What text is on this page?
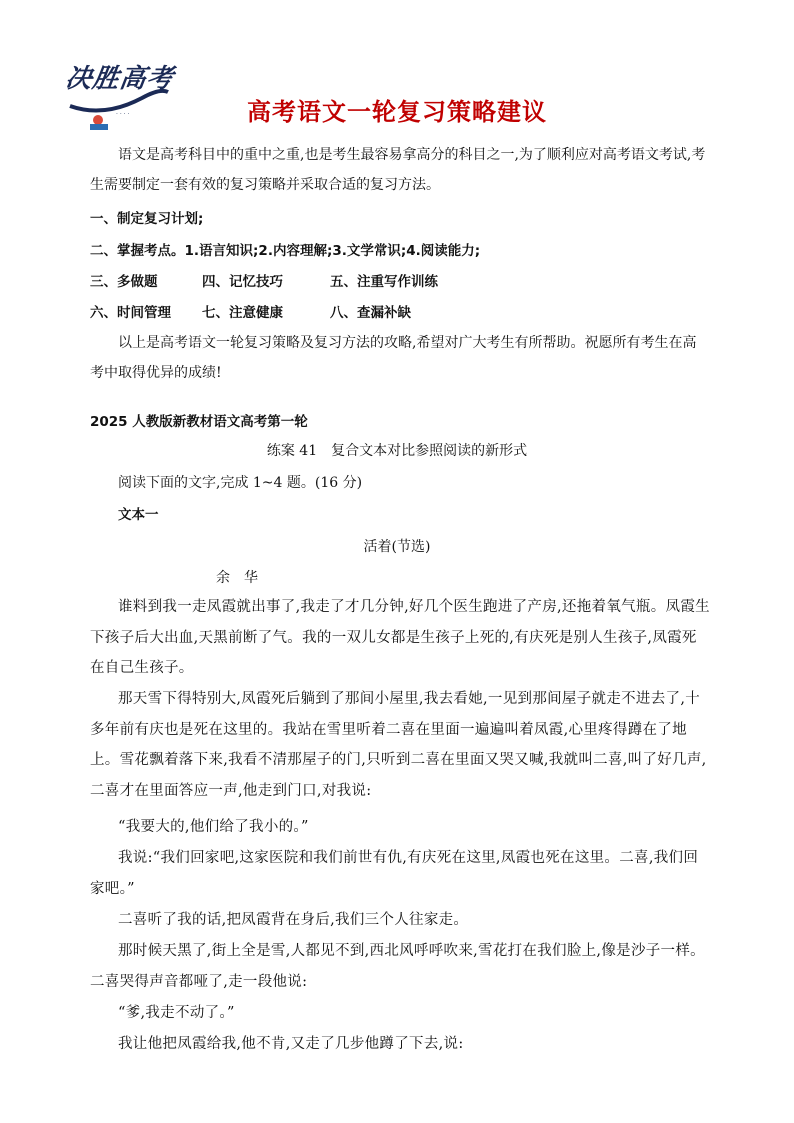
· · · ·
决胜高考
高考语文一轮复习策略建议
语文是高考科目中的重中之重,也是考生最容易拿高分的科目之一,为了顺利应对高考语文考试,考生需要制定一套有效的复习策略并采取合适的复习方法。
一、制定复习计划;
二、掌握考点。1.语言知识;2.内容理解;3.文学常识;4.阅读能力;
三、多做题	四、记忆技巧	五、注重写作训练
六、时间管理 七、注意健康	八、查漏补缺
以上是高考语文一轮复习策略及复习方法的攻略,希望对广大考生有所帮助。祝愿所有考生在高考中取得优异的成绩!
2025 人教版新教材语文高考第一轮
练案 41　复合文本对比参照阅读的新形式
阅读下面的文字,完成 1~4 题。(16 分)
文本一
活着(节选)
余　华
谁料到我一走凤霞就出事了,我走了才几分钟,好几个医生跑进了产房,还拖着氧气瓶。凤霞生下孩子后大出血,天黑前断了气。我的一双儿女都是生孩子上死的,有庆死是别人生孩子,凤霞死在自己生孩子。
那天雪下得特别大,凤霞死后躺到了那间小屋里,我去看她,一见到那间屋子就走不进去了,十多年前有庆也是死在这里的。我站在雪里听着二喜在里面一遍遍叫着凤霞,心里疼得蹲在了地上。雪花飘着落下来,我看不清那屋子的门,只听到二喜在里面又哭又喊,我就叫二喜,叫了好几声,二喜才在里面答应一声,他走到门口,对我说:
“我要大的,他们给了我小的。”
我说:“我们回家吧,这家医院和我们前世有仇,有庆死在这里,凤霞也死在这里。二喜,我们回家吧。”
二喜听了我的话,把凤霞背在身后,我们三个人往家走。
那时候天黑了,街上全是雪,人都见不到,西北风呼呼吹来,雪花打在我们脸上,像是沙子一样。二喜哭得声音都哑了,走一段他说:
“爹,我走不动了。”
我让他把凤霞给我,他不肯,又走了几步他蹲了下去,说:
